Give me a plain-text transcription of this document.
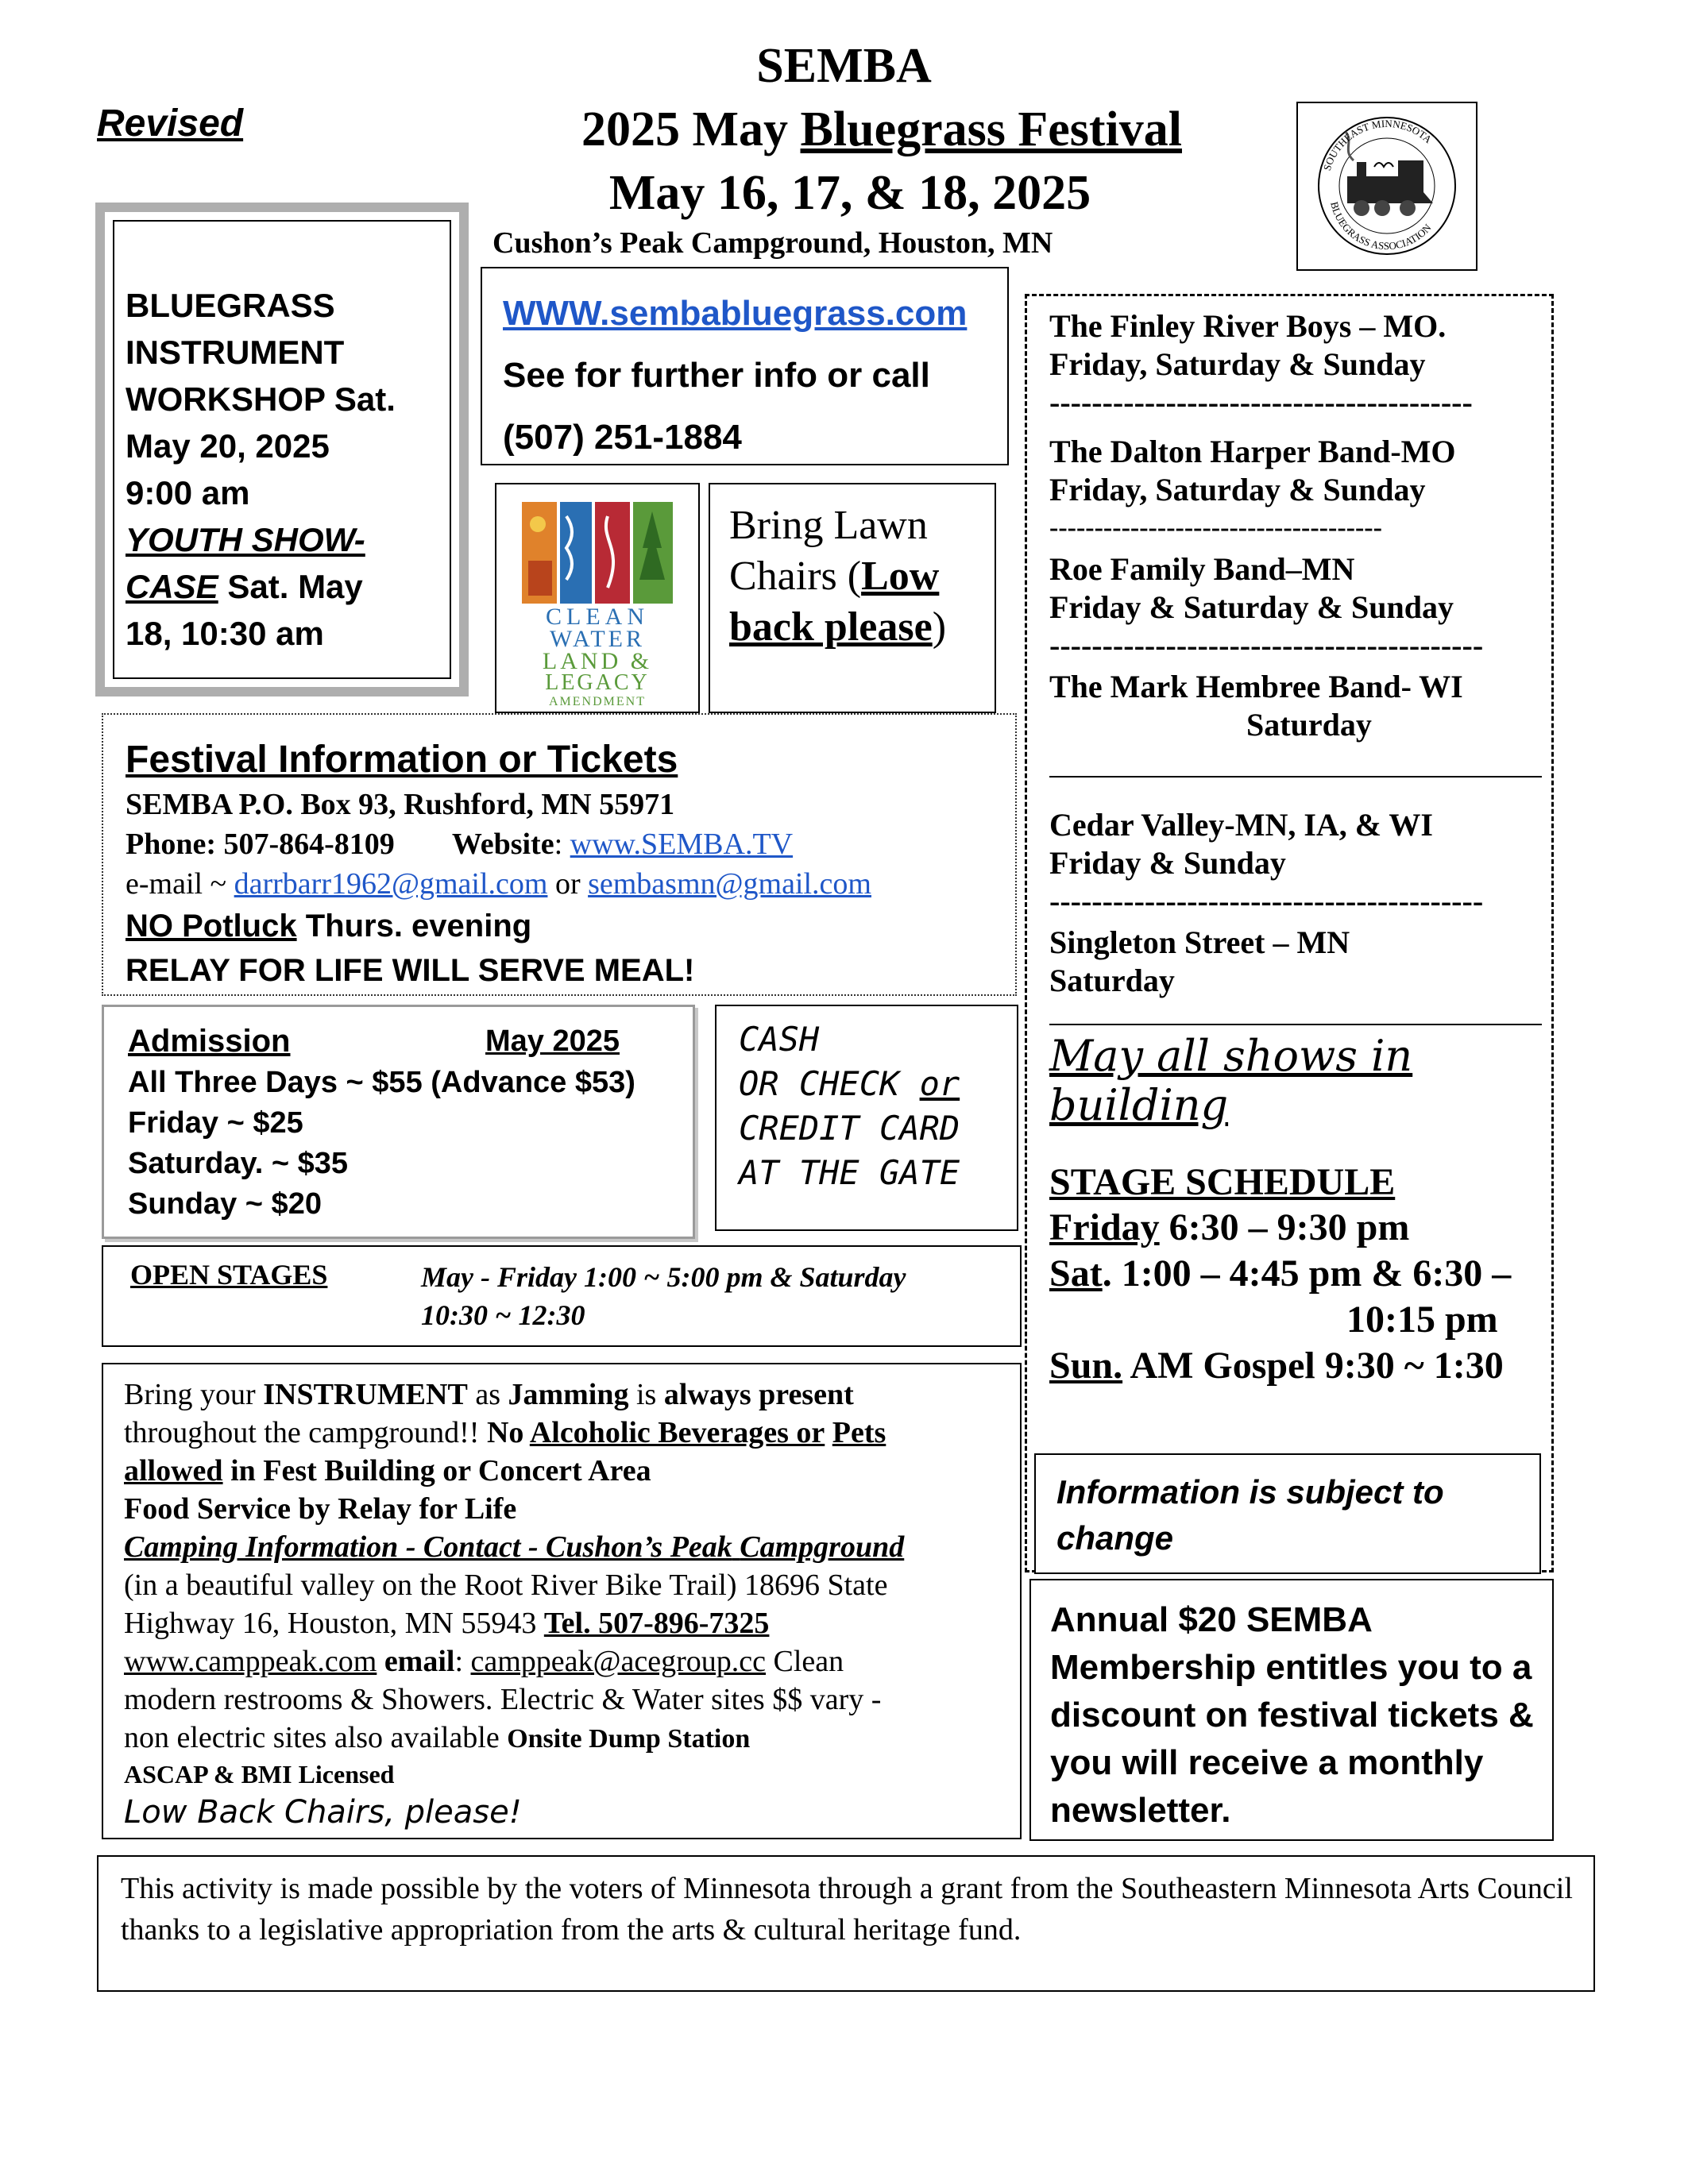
Revised
SEMBA
2025 May Bluegrass Festival
May 16, 17, & 18, 2025
Cushon’s Peak Campground, Houston, MN
SOUTHEAST MINNESOTA
BLUEGRASS ASSOCIATION
BLUEGRASS
INSTRUMENT
WORKSHOP Sat.
May 20, 2025
9:00 am
YOUTH SHOW-
CASE Sat. May
18, 10:30 am
WWW.sembabluegrass.com
See for further info or call
(507) 251-1884
CLEAN
WATER
LAND &
LEGACY
AMENDMENT
Bring Lawn
Chairs (Low
back please)
The Finley River Boys – MO.
Friday, Saturday & Sunday
----------------------------------------
The Dalton Harper Band-MO
Friday, Saturday & Sunday
-------------------------------------
Roe Family Band–MN
Friday & Saturday & Sunday
-----------------------------------------
The Mark Hembree Band- WI
Saturday
Cedar Valley-MN, IA, & WI
Friday & Sunday
-----------------------------------------
Singleton Street – MN
Saturday
May all shows in
building
STAGE SCHEDULE
Friday 6:30 – 9:30 pm
Sat. 1:00 – 4:45 pm & 6:30 –
10:15 pm
Sun. AM Gospel 9:30 ~ 1:30
Information is subject to
change
Festival Information or Tickets
SEMBA P.O. Box 93, Rushford, MN 55971
Phone: 507-864-8109 Website: www.SEMBA.TV
e-mail ~ darrbarr1962@gmail.com or sembasmn@gmail.com
NO Potluck Thurs. evening
RELAY FOR LIFE WILL SERVE MEAL!
Admission	May 2025
All Three Days ~ $55 (Advance $53)
Friday ~ $25
Saturday. ~ $35
Sunday ~ $20
CASH
OR CHECK or
CREDIT CARD
AT THE GATE
OPEN STAGES	May - Friday 1:00 ~ 5:00 pm & Saturday
10:30 ~ 12:30
Bring your INSTRUMENT as Jamming is always present
throughout the campground!! No Alcoholic Beverages or Pets
allowed in Fest Building or Concert Area
Food Service by Relay for Life
Camping Information - Contact - Cushon’s Peak Campground
(in a beautiful valley on the Root River Bike Trail) 18696 State
Highway 16, Houston, MN 55943 Tel. 507-896-7325
www.camppeak.com email: camppeak@acegroup.cc Clean
modern restrooms & Showers. Electric & Water sites $$ vary -
non electric sites also available Onsite Dump Station
ASCAP & BMI Licensed
Low Back Chairs, please!
Annual $20 SEMBA Membership entitles you to a discount on festival tickets & you will receive a monthly newsletter.
This activity is made possible by the voters of Minnesota through a grant from the Southeastern Minnesota Arts Council thanks to a legislative appropriation from the arts & cultural heritage fund.
